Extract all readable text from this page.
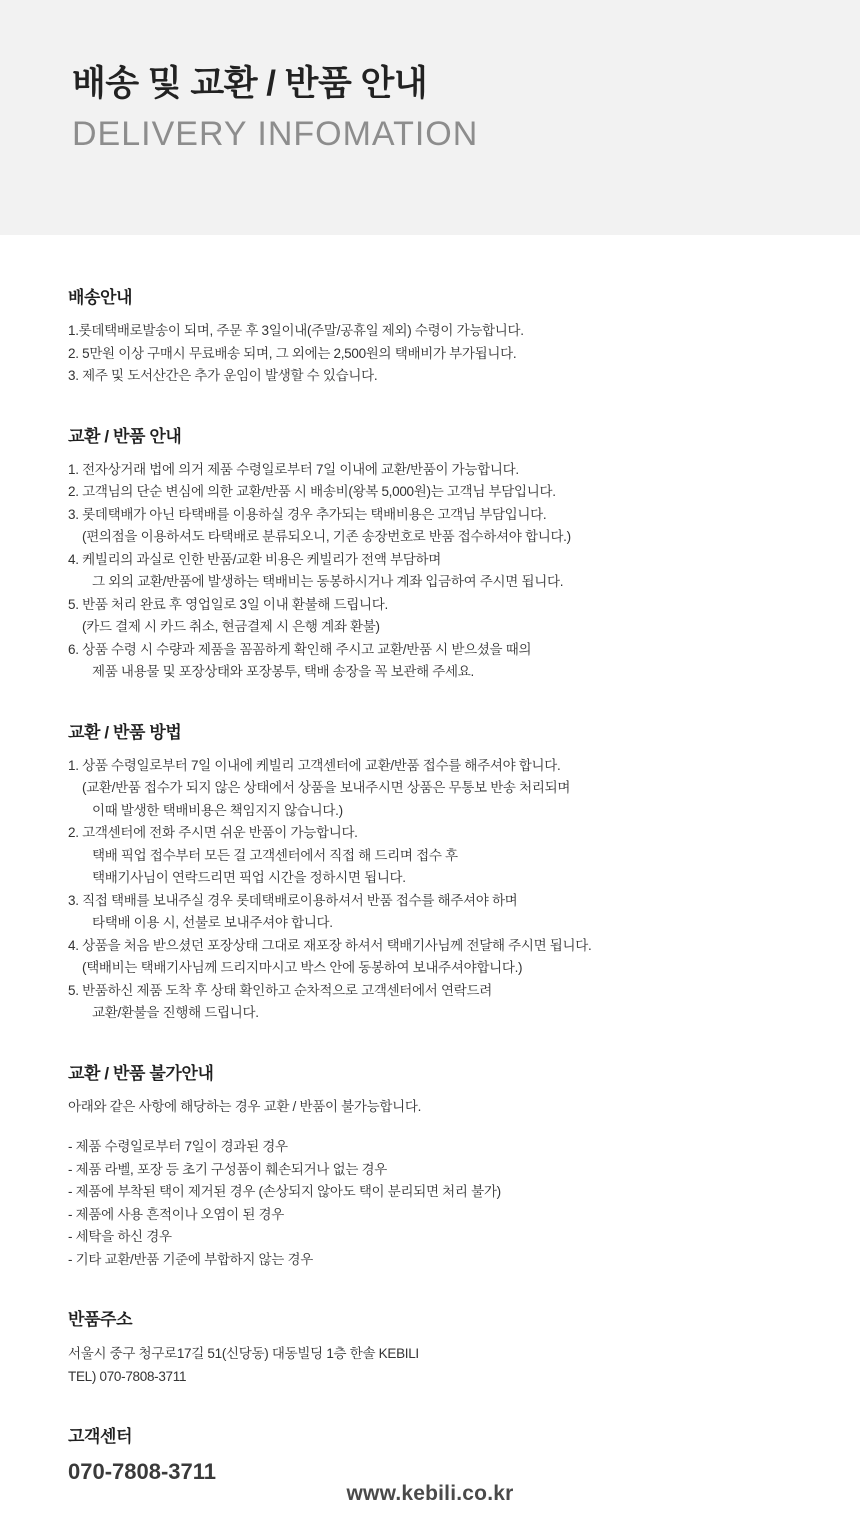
배송 및 교환 / 반품 안내
DELIVERY INFOMATION
배송안내
1.롯데택배로발송이 되며, 주문 후 3일이내(주말/공휴일 제외) 수령이 가능합니다.
2. 5만원 이상 구매시 무료배송 되며, 그 외에는 2,500원의 택배비가 부가됩니다.
3. 제주 및 도서산간은 추가 운임이 발생할 수 있습니다.
교환 / 반품 안내
1. 전자상거래 법에 의거 제품 수령일로부터 7일 이내에 교환/반품이 가능합니다.
2. 고객님의 단순 변심에 의한 교환/반품 시 배송비(왕복 5,000원)는 고객님 부담입니다.
3. 롯데택배가 아닌 타택배를 이용하실 경우 추가되는 택배비용은 고객님 부담입니다.
(편의점을 이용하셔도 타택배로 분류되오니, 기존 송장번호로 반품 접수하셔야 합니다.)
4. 케빌리의 과실로 인한 반품/교환 비용은 케빌리가 전액 부담하며
그 외의 교환/반품에 발생하는 택배비는 동봉하시거나 계좌 입금하여 주시면 됩니다.
5. 반품 처리 완료 후 영업일로 3일 이내 환불해 드립니다.
(카드 결제 시 카드 취소, 현금결제 시 은행 계좌 환불)
6. 상품 수령 시 수량과 제품을 꼼꼼하게 확인해 주시고 교환/반품 시 받으셨을 때의
제품 내용물 및 포장상태와 포장봉투, 택배 송장을 꼭 보관해 주세요.
교환 / 반품 방법
1. 상품 수령일로부터 7일 이내에 케빌리 고객센터에 교환/반품 접수를 해주셔야 합니다.
(교환/반품 접수가 되지 않은 상태에서 상품을 보내주시면 상품은 무통보 반송 처리되며
이때 발생한 택배비용은 책임지지 않습니다.)
2. 고객센터에 전화 주시면 쉬운 반품이 가능합니다.
택배 픽업 접수부터 모든 걸 고객센터에서 직접 해 드리며 접수 후
택배기사님이 연락드리면 픽업 시간을 정하시면 됩니다.
3. 직접 택배를 보내주실 경우 롯데택배로이용하셔서 반품 접수를 해주셔야 하며
타택배 이용 시, 선불로 보내주셔야 합니다.
4. 상품을 처음 받으셨던 포장상태 그대로 재포장 하셔서 택배기사님께 전달해 주시면 됩니다.
(택배비는 택배기사님께 드리지마시고 박스 안에 동봉하여 보내주셔야합니다.)
5. 반품하신 제품 도착 후 상태 확인하고 순차적으로 고객센터에서 연락드려
교환/환불을 진행해 드립니다.
교환 / 반품 불가안내
아래와 같은 사항에 해당하는 경우 교환 / 반품이 불가능합니다.
- 제품 수령일로부터 7일이 경과된 경우
- 제품 라벨, 포장 등 초기 구성품이 훼손되거나 없는 경우
- 제품에 부착된 택이 제거된 경우 (손상되지 않아도 택이 분리되면 처리 불가)
- 제품에 사용 흔적이나 오염이 된 경우
- 세탁을 하신 경우
- 기타 교환/반품 기준에 부합하지 않는 경우
반품주소
서울시 중구 청구로17길 51(신당동) 대동빌딩 1층 한솔 KEBILI
TEL) 070-7808-3711
고객센터
070-7808-3711
www.kebili.co.kr
